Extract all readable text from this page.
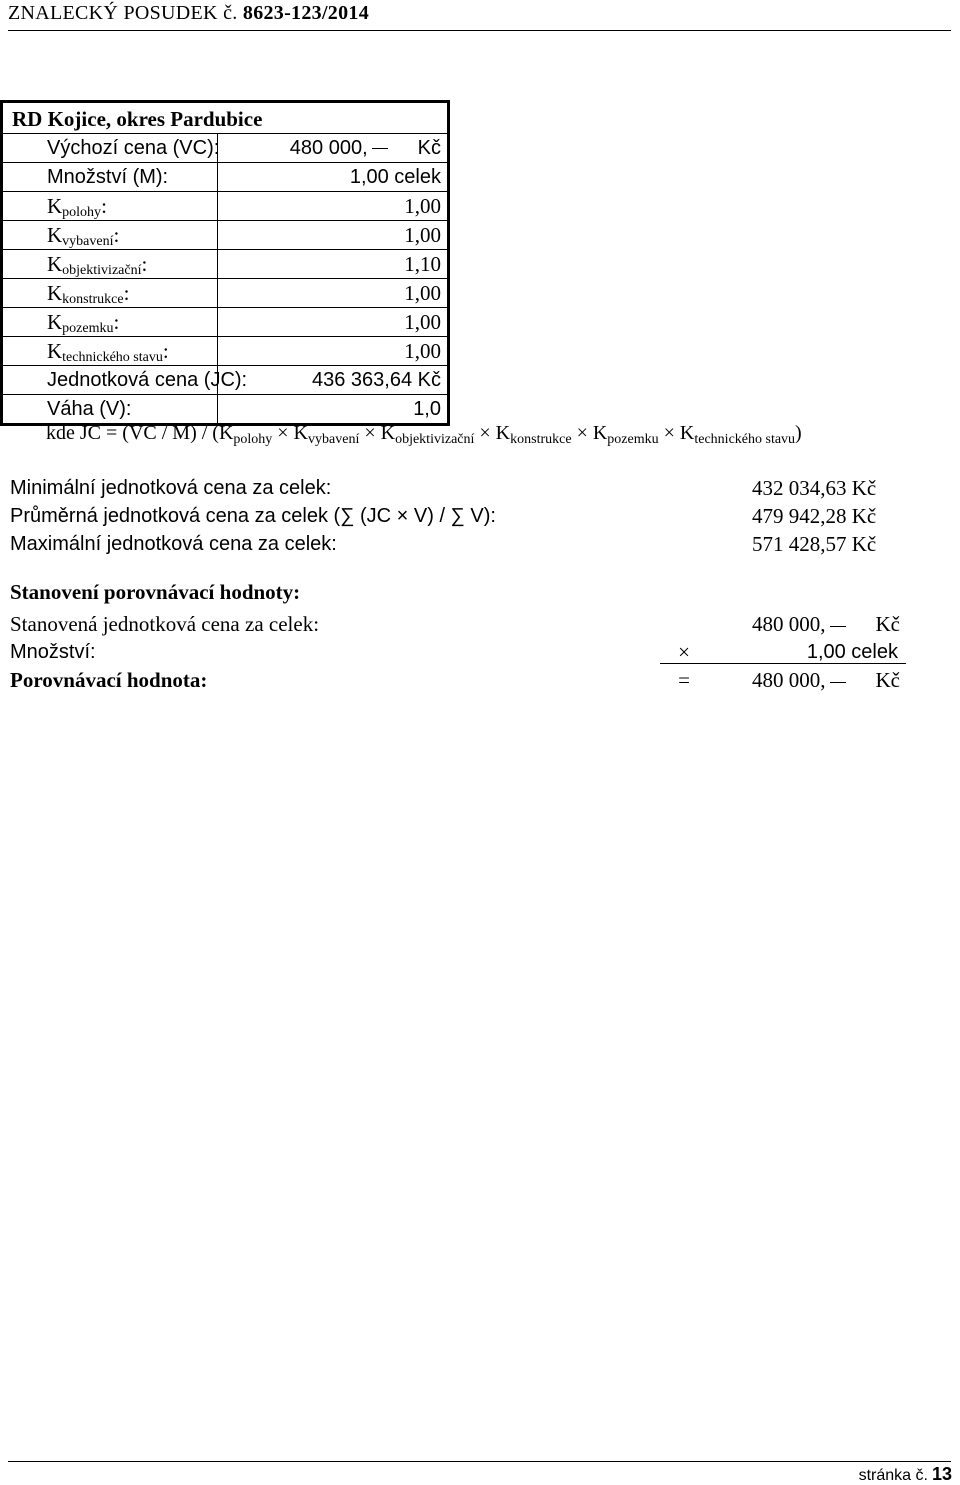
ZNALECKÝ POSUDEK č. 8623-123/2014
RD Kojice, okres Pardubice
Výchozí cena (VC):	480 000,	Kč
Množství (M):	1,00 celek
$K_{polohy}$:	1,00
$K_{vybavení}$:	1,00
$K_{objektivizační}$:	1,10
$K_{konstrukce}$:	1,00
$K_{pozemku}$:	1,00
$K_{technického stavu}$:	1,00
Jednotková cena (JC):	436 363,64 Kč
Váha (V):	1,0
kde JC = $(VC / M) / (K_{polohy} \times K_{vybavení} \times K_{objektivizační} \times K_{konstrukce} \times K_{pozemku} \times K_{technického stavu})$
Minimální jednotková cena za celek:	432 034,63 Kč
Průměrná jednotková cena za celek (∑ (JC × V) / ∑ V):	479 942,28 Kč
Maximální jednotková cena za celek:	571 428,57 Kč
Stanovení porovnávací hodnoty:
Stanovená jednotková cena za celek:	480 000, Kč
Množství:	×	1,00 celek
Porovnávací hodnota:	=	480 000, Kč
stránka č. 13
